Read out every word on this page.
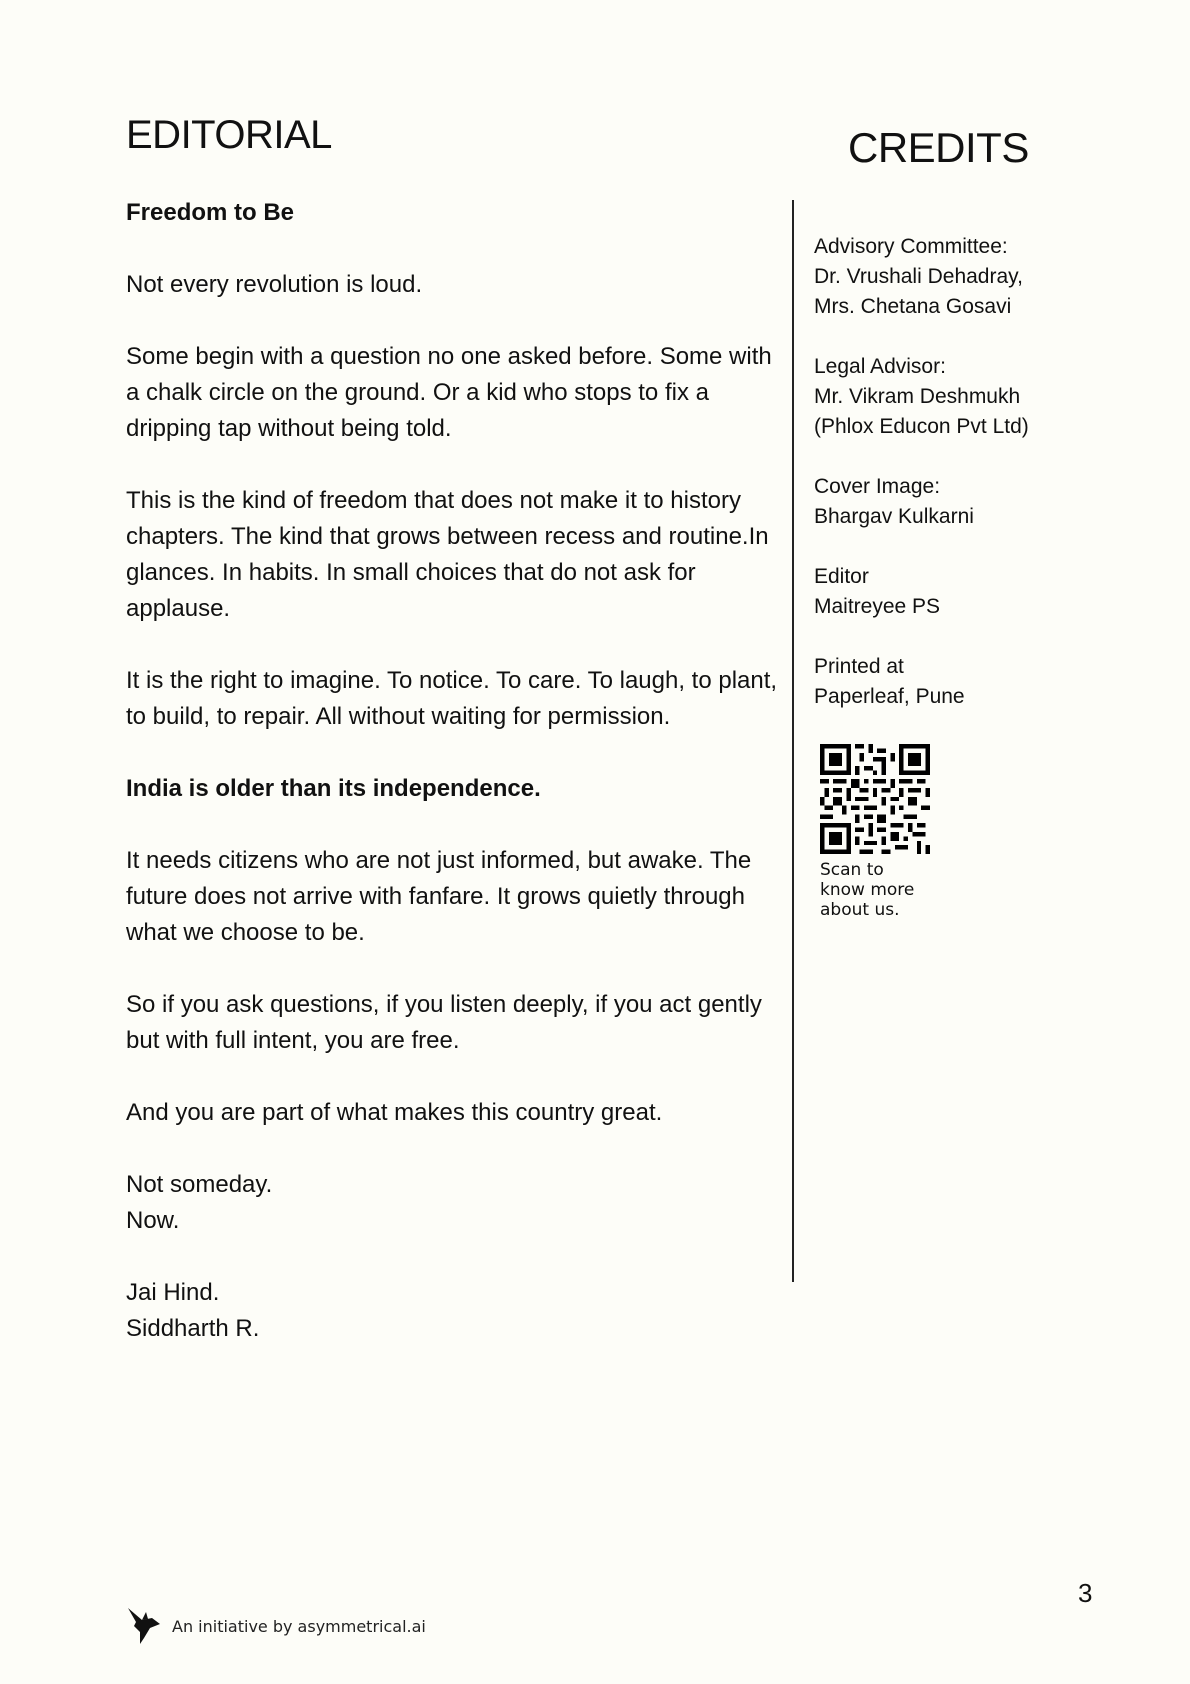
EDITORIAL

Freedom to Be

Not every revolution is loud.

Some begin with a question no one asked before. Some with
a chalk circle on the ground. Or a kid who stops to fix a
dripping tap without being told.

This is the kind of freedom that does not make it to history
chapters. The kind that grows between recess and routine.In
glances. In habits. In small choices that do not ask for
applause.

It is the right to imagine. To notice. To care. To laugh, to plant,
to build, to repair. All without waiting for permission.

India is older than its independence.

It needs citizens who are not just informed, but awake. The
future does not arrive with fanfare. It grows quietly through
what we choose to be.

So if you ask questions, if you listen deeply, if you act gently
but with full intent, you are free.

And you are part of what makes this country great.

Not someday.
Now.

Jai Hind.
Siddharth R.

CREDITS
Advisory Committee:
Dr. Vrushali Dehadray,
Mrs. Chetana Gosavi
Legal Advisor:
Mr. Vikram Deshmukh
(Phlox Educon Pvt Ltd)
Cover Image:
Bhargav Kulkarni
Editor
Maitreyee PS
Printed at
Paperleaf, Pune
Scan to
know more
about us.
3
An initiative by asymmetrical.ai
